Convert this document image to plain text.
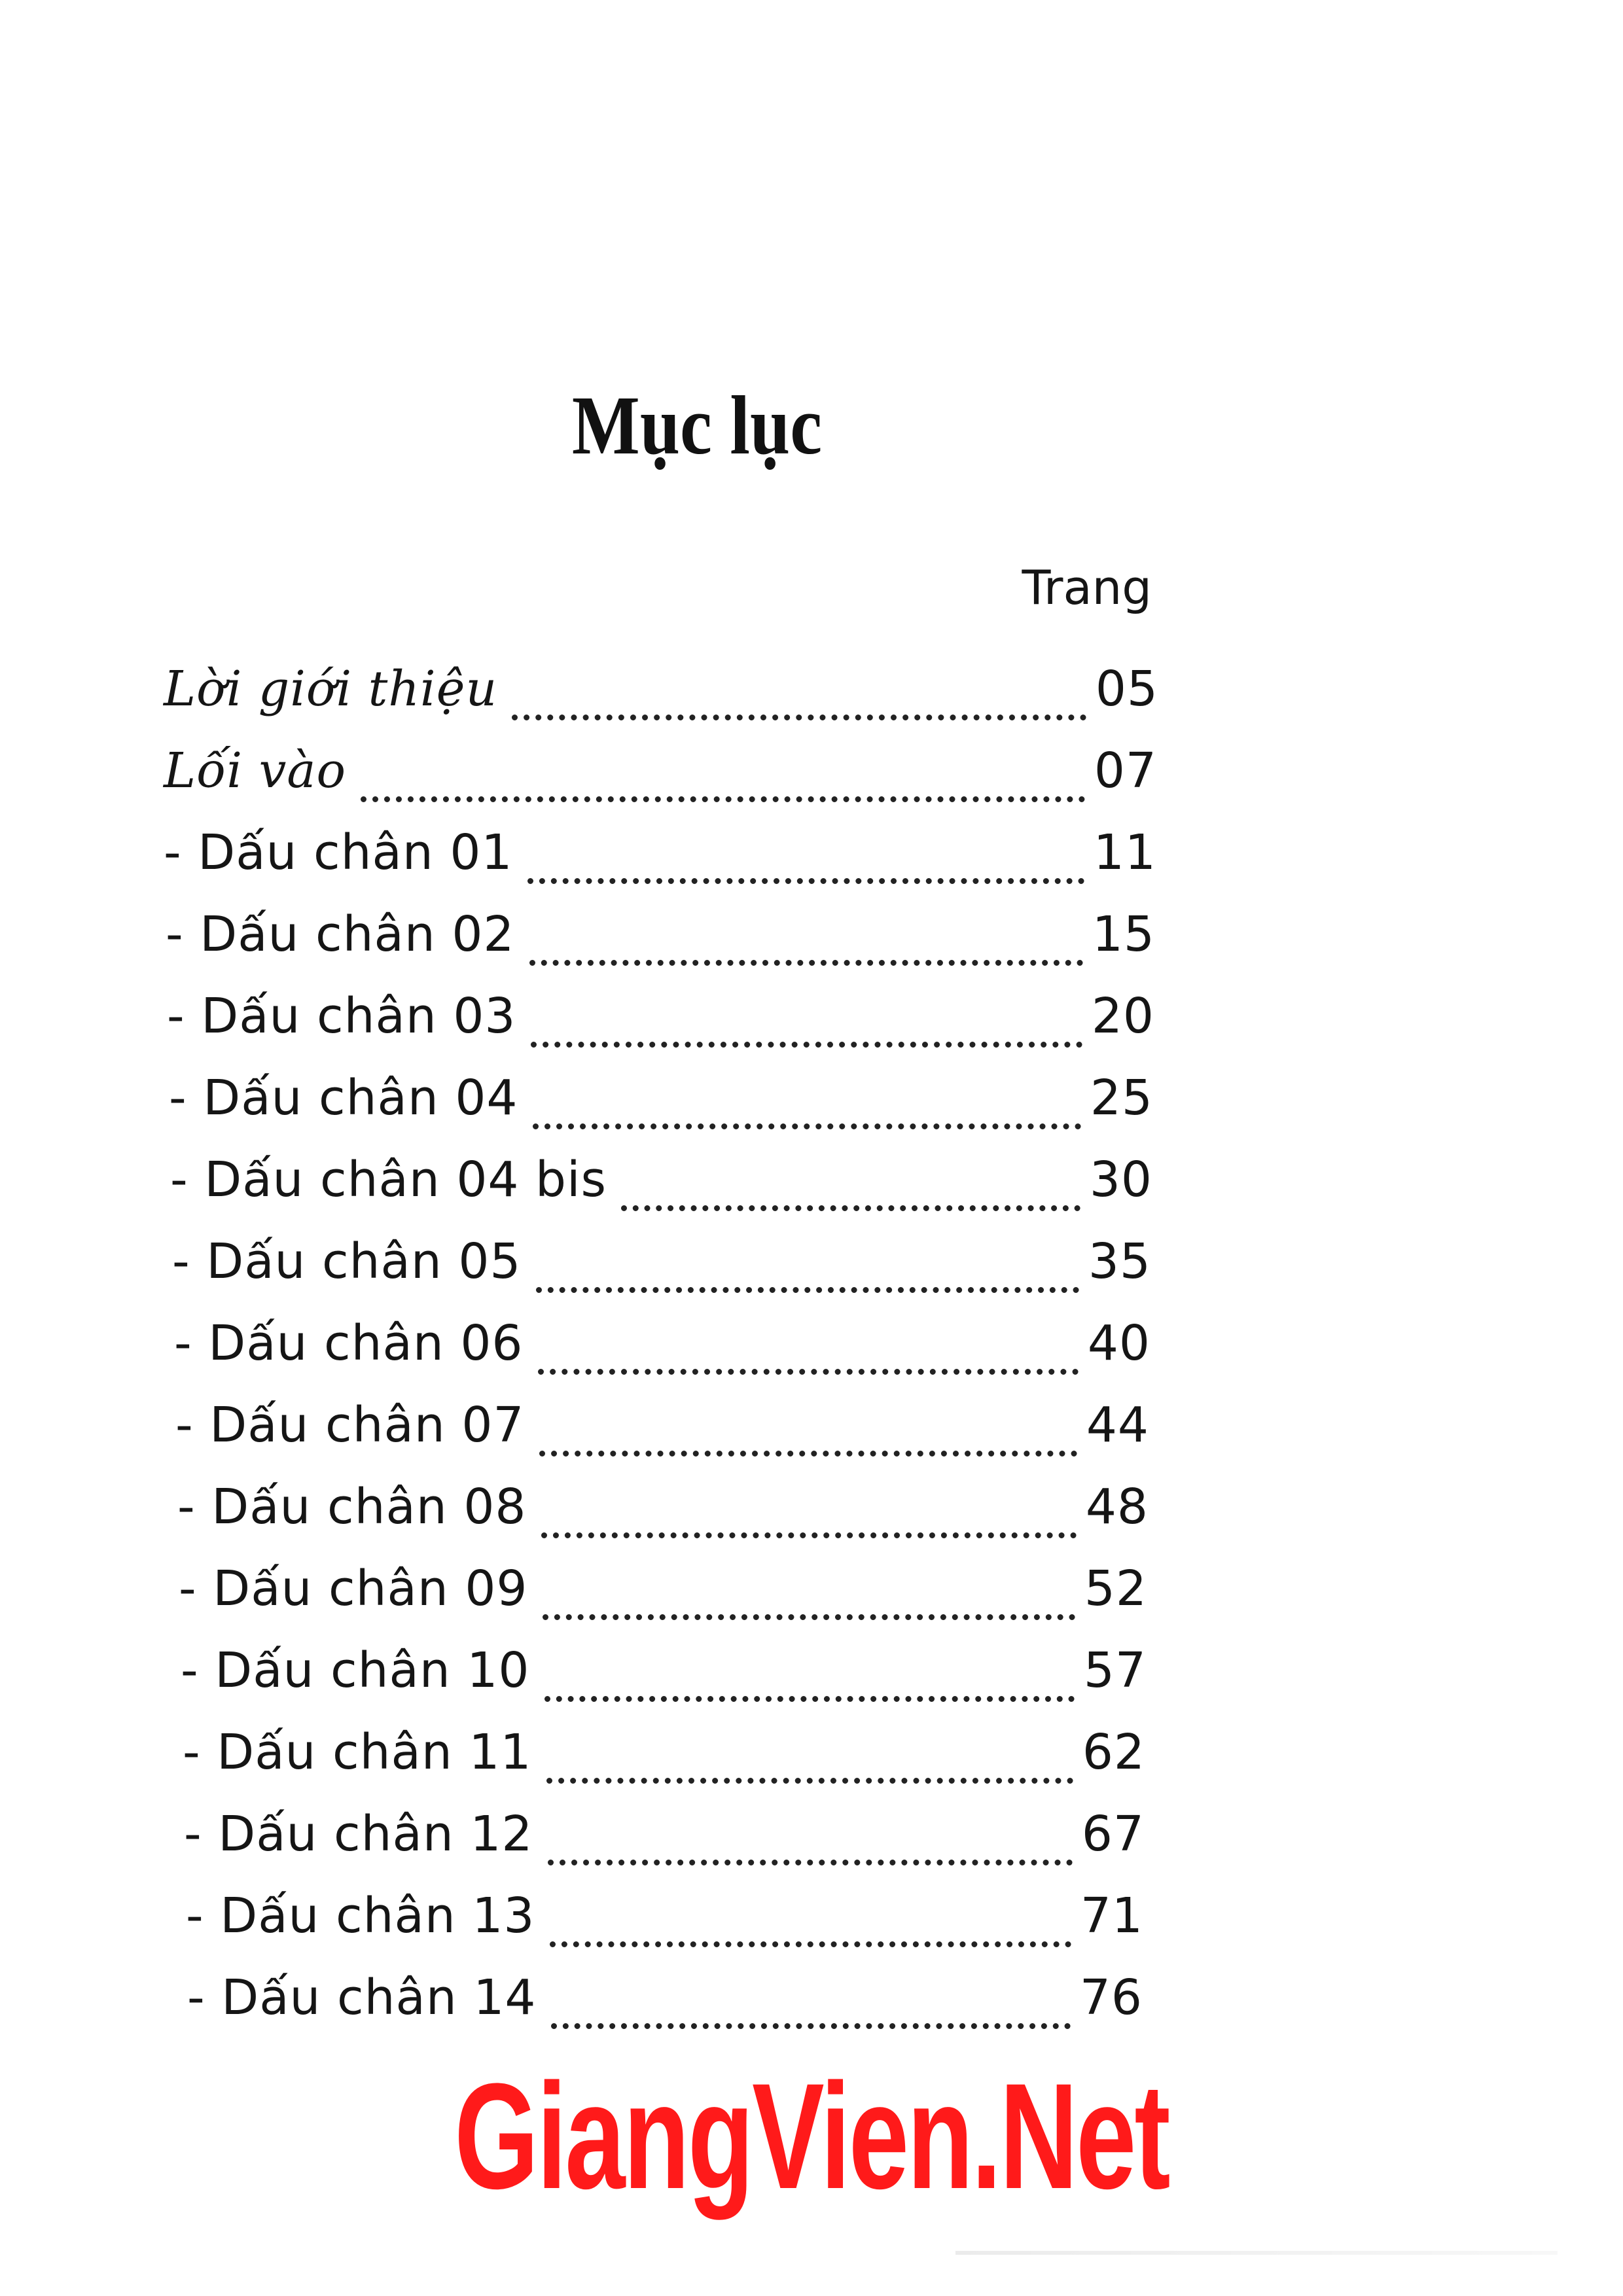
Mục lục
Trang
Lời giới thiệu	05
Lối vào	07
- Dấu chân 01	11
- Dấu chân 02	15
- Dấu chân 03	20
- Dấu chân 04	25
- Dấu chân 04 bis	30
- Dấu chân 05	35
- Dấu chân 06	40
- Dấu chân 07	44
- Dấu chân 08	48
- Dấu chân 09	52
- Dấu chân 10	57
- Dấu chân 11	62
- Dấu chân 12	67
- Dấu chân 13	71
- Dấu chân 14	76
GiangVien.Net
